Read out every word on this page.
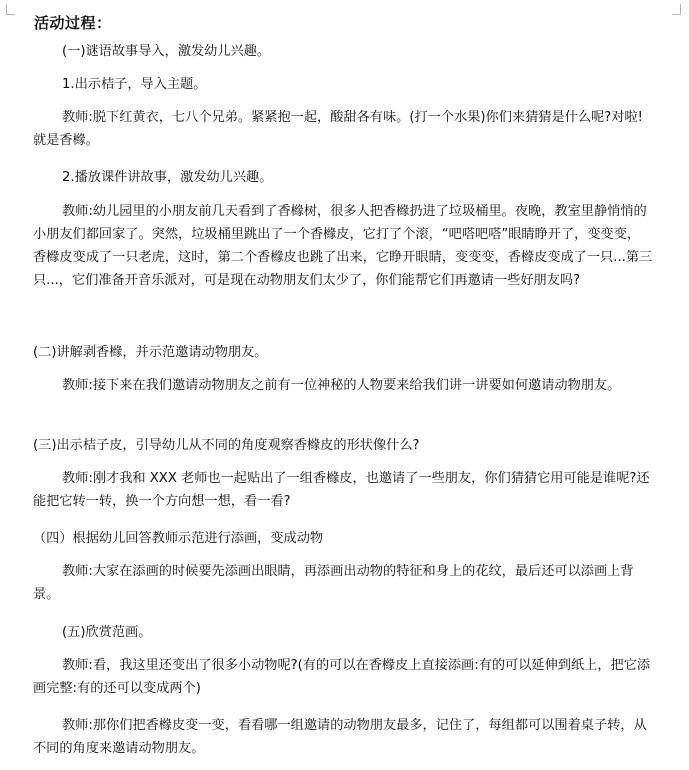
活动过程：
(一)谜语故事导入，激发幼儿兴趣。
1.出示桔子，导入主题。
教师:脱下红黄衣，七八个兄弟。紧紧抱一起，酸甜各有味。(打一个水果)你们来猜猜是什么呢?对啦!就是香橼。
2.播放课件讲故事，激发幼儿兴趣。
教师:幼儿园里的小朋友前几天看到了香橼树，很多人把香橼扔进了垃圾桶里。夜晚，教室里静悄悄的小朋友们都回家了。突然，垃圾桶里跳出了一个香橼皮，它打了个滚，“吧嗒吧嗒”眼睛睁开了，变变变，香橼皮变成了一只老虎，这时，第二个香橼皮也跳了出来，它睁开眼睛，变变变，香橼皮变成了一只...第三只...，它们准备开音乐派对，可是现在动物朋友们太少了，你们能帮它们再邀请一些好朋友吗?
(二)讲解剥香橼，并示范邀请动物朋友。
教师:接下来在我们邀请动物朋友之前有一位神秘的人物要来给我们讲一讲要如何邀请动物朋友。
(三)出示桔子皮，引导幼儿从不同的角度观察香橼皮的形状像什么?
教师:刚才我和 XXX 老师也一起贴出了一组香橼皮，也邀请了一些朋友，你们猜猜它用可能是谁呢?还能把它转一转，换一个方向想一想，看一看?
（四）根据幼儿回答教师示范进行添画，变成动物
教师:大家在添画的时候要先添画出眼睛，再添画出动物的特征和身上的花纹，最后还可以添画上背景。
(五)欣赏范画。
教师:看，我这里还变出了很多小动物呢?(有的可以在香橼皮上直接添画:有的可以延伸到纸上，把它添画完整:有的还可以变成两个)
教师:那你们把香橼皮变一变，看看哪一组邀请的动物朋友最多，记住了，每组都可以围着桌子转，从不同的角度来邀请动物朋友。
